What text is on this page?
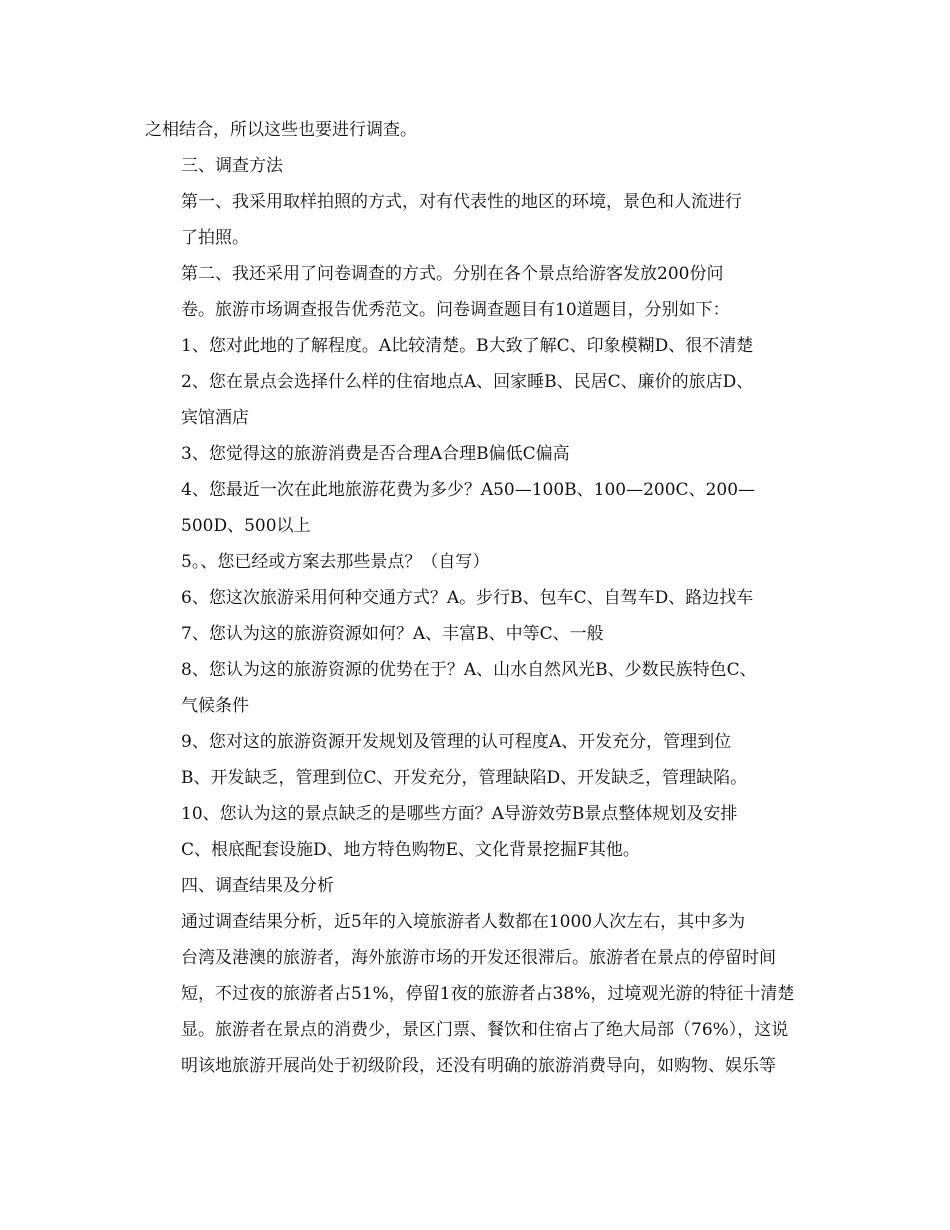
之相结合，所以这些也要进行调查。

三、调查方法

第一、我采用取样拍照的方式，对有代表性的地区的环境，景色和人流进行
了拍照。

第二、我还采用了问卷调查的方式。分别在各个景点给游客发放200份问
卷。旅游市场调查报告优秀范文。问卷调查题目有10道题目，分别如下：

1、您对此地的了解程度。A比较清楚。B大致了解C、印象模糊D、很不清楚

2、您在景点会选择什么样的住宿地点A、回家睡B、民居C、廉价的旅店D、
宾馆酒店

3、您觉得这的旅游消费是否合理A合理B偏低C偏高

4、您最近一次在此地旅游花费为多少？A50—100B、100—200C、200—
500D、500以上

5。、您已经或方案去那些景点？（自写）

6、您这次旅游采用何种交通方式？A。步行B、包车C、自驾车D、路边找车

7、您认为这的旅游资源如何？A、丰富B、中等C、一般

8、您认为这的旅游资源的优势在于？A、山水自然风光B、少数民族特色C、
气候条件

9、您对这的旅游资源开发规划及管理的认可程度A、开发充分，管理到位
B、开发缺乏，管理到位C、开发充分，管理缺陷D、开发缺乏，管理缺陷。

10、您认为这的景点缺乏的是哪些方面？A导游效劳B景点整体规划及安排
C、根底配套设施D、地方特色购物E、文化背景挖掘F其他。

四、调查结果及分析

通过调查结果分析，近5年的入境旅游者人数都在1000人次左右，其中多为
台湾及港澳的旅游者，海外旅游市场的开发还很滞后。旅游者在景点的停留时间
短，不过夜的旅游者占51%，停留1夜的旅游者占38%，过境观光游的特征十清楚
显。旅游者在景点的消费少，景区门票、餐饮和住宿占了绝大局部（76%），这说
明该地旅游开展尚处于初级阶段，还没有明确的旅游消费导向，如购物、娱乐等
